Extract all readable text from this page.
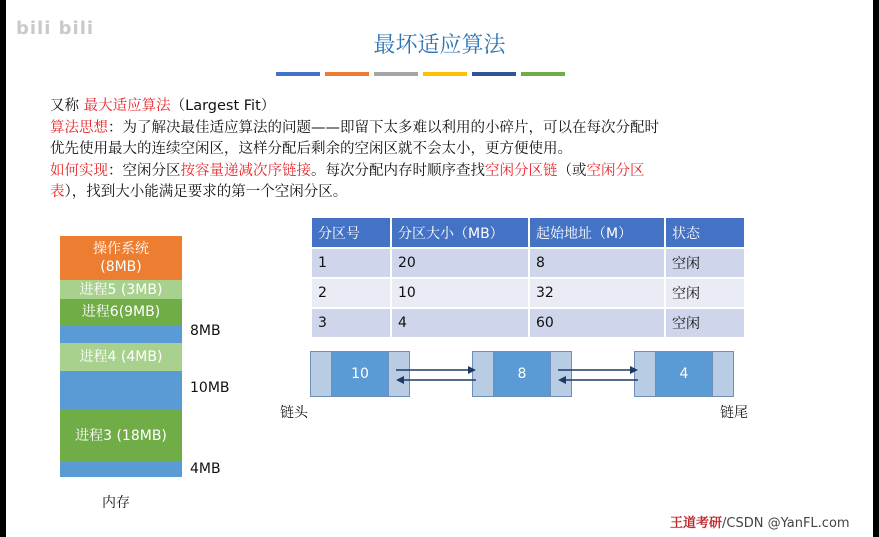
bili bili
最坏适应算法
又称 最大适应算法（Largest Fit）
算法思想：为了解决最佳适应算法的问题——即留下太多难以利用的小碎片，可以在每次分配时
优先使用最大的连续空闲区，这样分配后剩余的空闲区就不会太小，更方便使用。
如何实现：空闲分区按容量递减次序链接。每次分配内存时顺序查找空闲分区链（或空闲分区
表），找到大小能满足要求的第一个空闲分区。
操作系统
(8MB)
进程5 (3MB)
进程6(9MB)
进程4 (4MB)
进程3 (18MB)
8MB
10MB
4MB
内存
分区号	分区大小（MB）	起始地址（M）	状态
1	20	8	空闲
2	10	32	空闲
3	4	60	空闲
10	8	4
链头	链尾
王道考研/CSDN @YanFL.com
